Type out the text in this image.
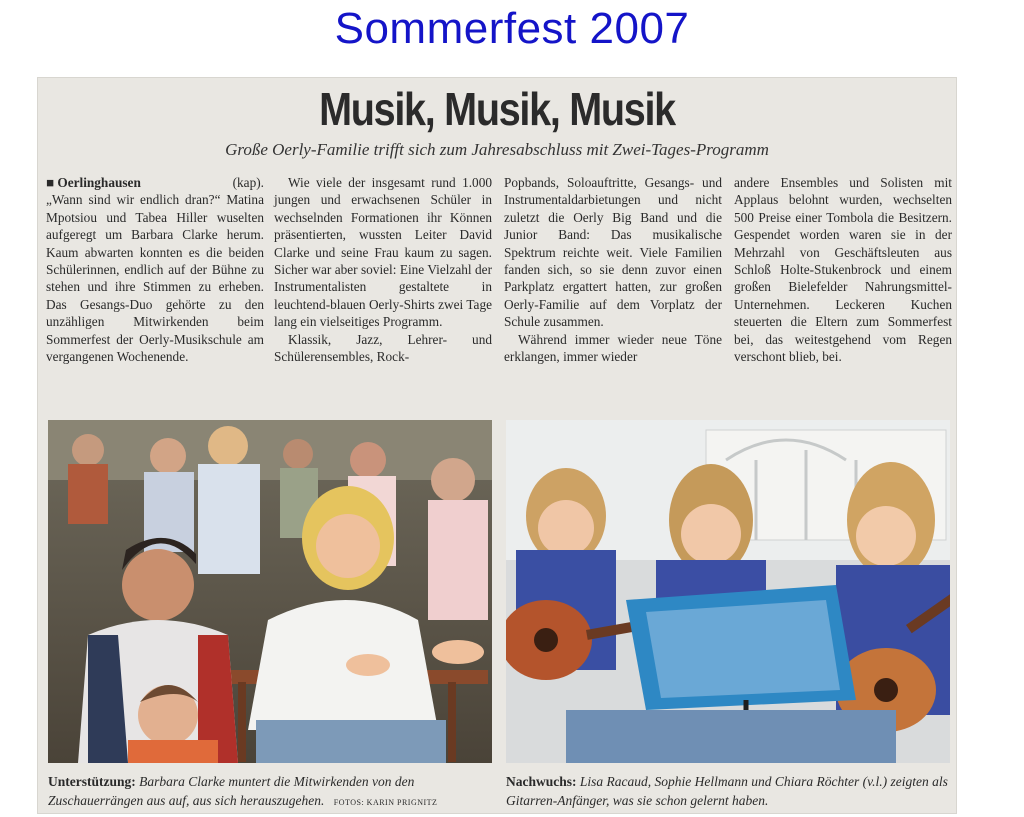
Sommerfest 2007
Musik, Musik, Musik
Große Oerly-Familie trifft sich zum Jahresabschluss mit Zwei-Tages-Programm

■ Oerlinghausen	(kap).

„Wann sind wir endlich dran?“ Matina Mpotsiou und Tabea Hiller wuselten aufgeregt um Barbara Clarke herum. Kaum abwarten konnten es die beiden Schülerinnen, endlich auf der Bühne zu stehen und ihre Stimmen zu erheben. Das Gesangs-Duo gehörte zu den unzähligen Mitwirkenden beim Sommerfest der Oerly-Musikschule am vergangenen Wochenende.

Wie viele der insgesamt rund 1.000 jungen und erwachsenen Schüler in wechselnden Formationen ihr Können präsentierten, wussten Leiter David Clarke und seine Frau kaum zu sagen. Sicher war aber soviel: Eine Vielzahl der Instrumentalisten gestaltete in leuchtend-blauen Oerly-Shirts zwei Tage lang ein vielseitiges Programm.

Klassik, Jazz, Lehrer- und Schülerensembles, Rock-

Popbands, Soloauftritte, Gesangs- und Instrumentaldarbietungen und nicht zuletzt die Oerly Big Band und die Junior Band: Das musikalische Spektrum reichte weit. Viele Familien fanden sich, so sie denn zuvor einen Parkplatz ergattert hatten, zur großen Oerly-Familie auf dem Vorplatz der Schule zusammen.

Während immer wieder neue Töne erklangen, immer wieder

andere Ensembles und Solisten mit Applaus belohnt wurden, wechselten 500 Preise einer Tombola die Besitzern. Gespendet worden waren sie in der Mehrzahl von Geschäftsleuten aus Schloß Holte-Stukenbrock und einem großen Bielefelder Nahrungsmittel-Unternehmen. Leckeren Kuchen steuerten die Eltern zum Sommerfest bei, das weitestgehend vom Regen verschont blieb, bei.

Unterstützung: Barbara Clarke muntert die Mitwirkenden von den Zuschauerrängen aus auf, aus sich herauszugehen. FOTOS: KARIN PRIGNITZ
Nachwuchs: Lisa Racaud, Sophie Hellmann und Chiara Röchter (v.l.) zeigten als Gitarren-Anfänger, was sie schon gelernt haben.
